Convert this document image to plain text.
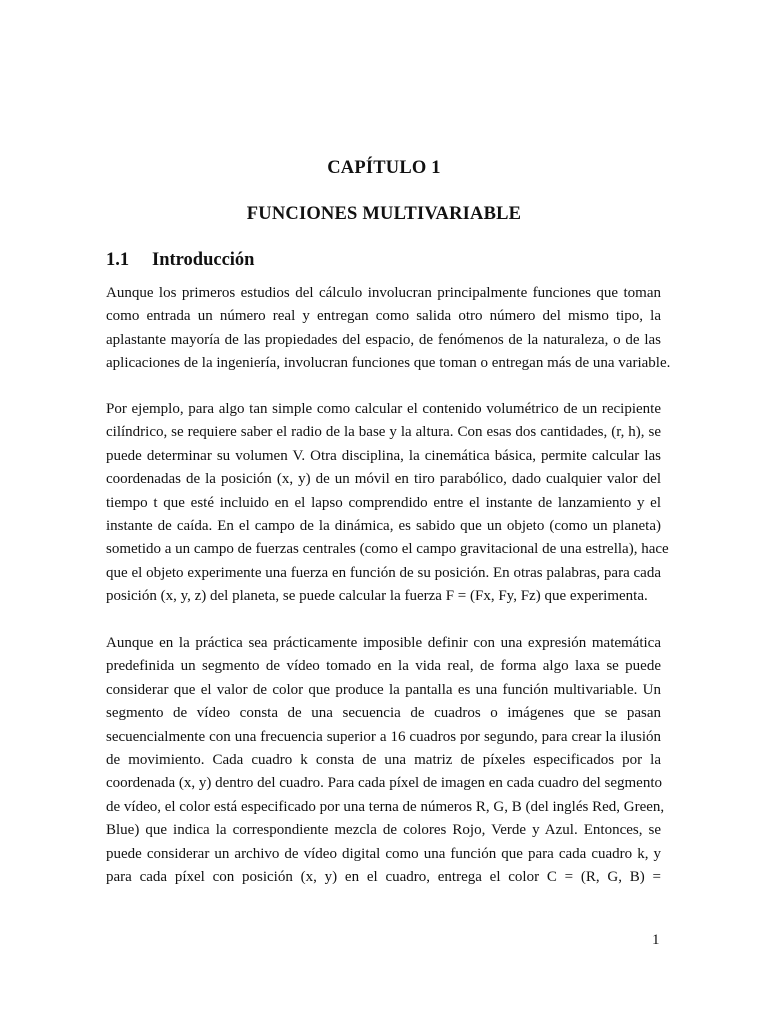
CAPÍTULO 1
FUNCIONES MULTIVARIABLE
1.1 Introducción
Aunque los primeros estudios del cálculo involucran principalmente funciones que toman
como entrada un número real y entregan como salida otro número del mismo tipo, la
aplastante mayoría de las propiedades del espacio, de fenómenos de la naturaleza, o de las
aplicaciones de la ingeniería, involucran funciones que toman o entregan más de una variable.
Por ejemplo, para algo tan simple como calcular el contenido volumétrico de un recipiente
cilíndrico, se requiere saber el radio de la base y la altura. Con esas dos cantidades, (r, h), se
puede determinar su volumen V. Otra disciplina, la cinemática básica, permite calcular las
coordenadas de la posición (x, y) de un móvil en tiro parabólico, dado cualquier valor del
tiempo t que esté incluido en el lapso comprendido entre el instante de lanzamiento y el
instante de caída. En el campo de la dinámica, es sabido que un objeto (como un planeta)
sometido a un campo de fuerzas centrales (como el campo gravitacional de una estrella), hace
que el objeto experimente una fuerza en función de su posición. En otras palabras, para cada
posición (x, y, z) del planeta, se puede calcular la fuerza F = (Fx, Fy, Fz) que experimenta.
Aunque en la práctica sea prácticamente imposible definir con una expresión matemática
predefinida un segmento de vídeo tomado en la vida real, de forma algo laxa se puede
considerar que el valor de color que produce la pantalla es una función multivariable. Un
segmento de vídeo consta de una secuencia de cuadros o imágenes que se pasan
secuencialmente con una frecuencia superior a 16 cuadros por segundo, para crear la ilusión
de movimiento. Cada cuadro k consta de una matriz de píxeles especificados por la
coordenada (x, y) dentro del cuadro. Para cada píxel de imagen en cada cuadro del segmento
de vídeo, el color está especificado por una terna de números R, G, B (del inglés Red, Green,
Blue) que indica la correspondiente mezcla de colores Rojo, Verde y Azul. Entonces, se
puede considerar un archivo de vídeo digital como una función que para cada cuadro k, y
para cada píxel con posición (x, y) en el cuadro, entrega el color C = (R, G, B) =
1
